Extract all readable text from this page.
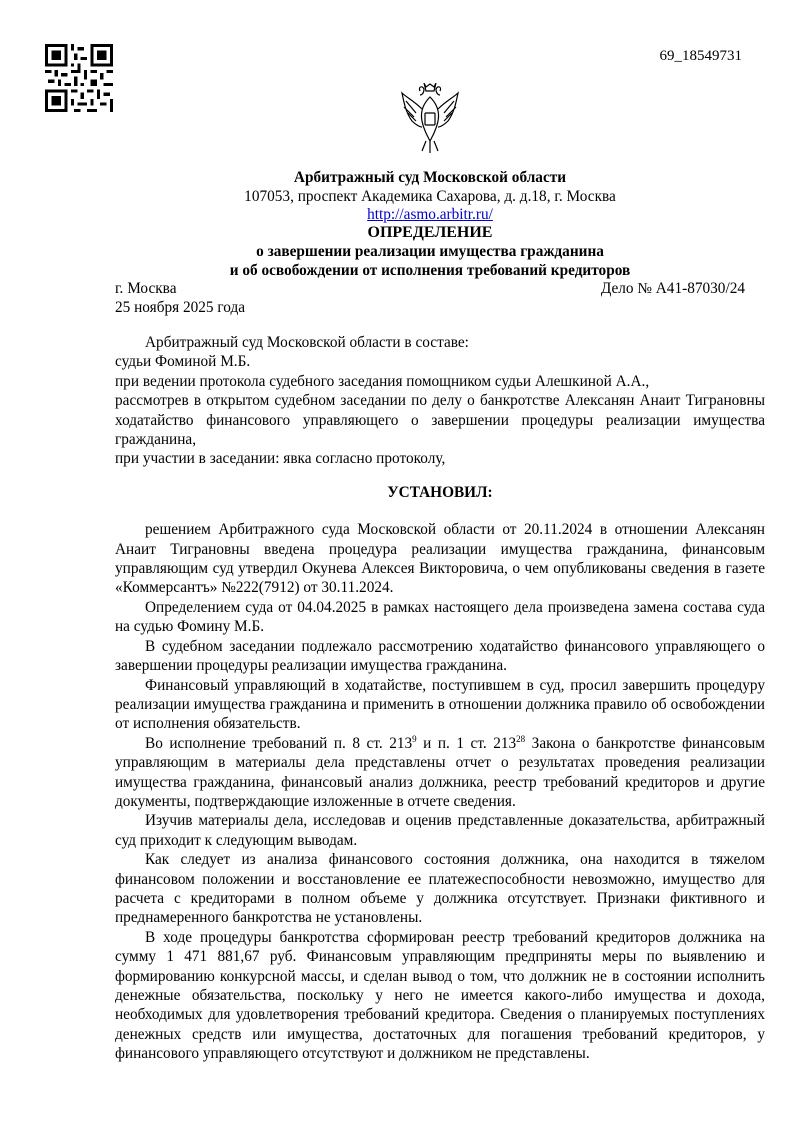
69_18549731
Арбитражный суд Московской области
107053, проспект Академика Сахарова, д. д.18, г. Москва
http://asmo.arbitr.ru/
ОПРЕДЕЛЕНИЕ
о завершении реализации имущества гражданина
и об освобождении от исполнения требований кредиторов
г. Москва	Дело № А41-87030/24
25 ноября 2025 года

Арбитражный суд Московской области в составе:

судьи Фоминой М.Б.

при ведении протокола судебного заседания помощником судьи Алешкиной А.А.,

рассмотрев в открытом судебном заседании по делу о банкротстве Алексанян Анаит Тиграновны ходатайство финансового управляющего о завершении процедуры реализации имущества гражданина,

при участии в заседании: явка согласно протоколу,

УСТАНОВИЛ:

решением Арбитражного суда Московской области от 20.11.2024 в отношении Алексанян Анаит Тиграновны введена процедура реализации имущества гражданина, финансовым управляющим суд утвердил Окунева Алексея Викторовича, о чем опубликованы сведения в газете «Коммерсантъ» №222(7912) от 30.11.2024.

Определением суда от 04.04.2025 в рамках настоящего дела произведена замена состава суда на судью Фомину М.Б.

В судебном заседании подлежало рассмотрению ходатайство финансового управляющего о завершении процедуры реализации имущества гражданина.

Финансовый управляющий в ходатайстве, поступившем в суд, просил завершить процедуру реализации имущества гражданина и применить в отношении должника правило об освобождении от исполнения обязательств.

Во исполнение требований п. 8 ст. $213^9$ и п. 1 ст. $213^{28}$ Закона о банкротстве финансовым управляющим в материалы дела представлены отчет о результатах проведения реализации имущества гражданина, финансовый анализ должника, реестр требований кредиторов и другие документы, подтверждающие изложенные в отчете сведения.

Изучив материалы дела, исследовав и оценив представленные доказательства, арбитражный суд приходит к следующим выводам.

Как следует из анализа финансового состояния должника, она находится в тяжелом финансовом положении и восстановление ее платежеспособности невозможно, имущество для расчета с кредиторами в полном объеме у должника отсутствует. Признаки фиктивного и преднамеренного банкротства не установлены.

В ходе процедуры банкротства сформирован реестр требований кредиторов должника на сумму 1 471 881,67 руб. Финансовым управляющим предприняты меры по выявлению и формированию конкурсной массы, и сделан вывод о том, что должник не в состоянии исполнить денежные обязательства, поскольку у него не имеется какого-либо имущества и дохода, необходимых для удовлетворения требований кредитора. Сведения о планируемых поступлениях денежных средств или имущества, достаточных для погашения требований кредиторов, у финансового управляющего отсутствуют и должником не представлены.
